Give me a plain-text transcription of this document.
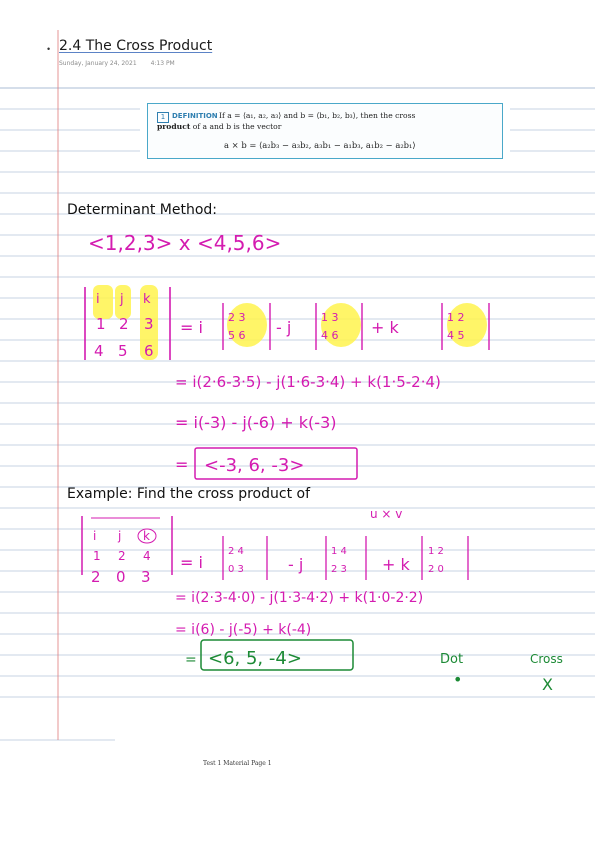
• 2.4 The Cross Product
Sunday, January 24, 2021 4:13 PM
1 DEFINITION If a = ⟨a₁, a₂, a₃⟩ and b = ⟨b₁, b₂, b₃⟩, then the cross
product of a and b is the vector
a × b = ⟨a₂b₃ − a₃b₂, a₃b₁ − a₁b₃, a₁b₂ − a₂b₁⟩
Determinant Method:
Example: Find the cross product of
<1,2,3> x <4,5,6>
i j k
1 2 3
4 5 6
= i
2 3
5 6 - j
1 3
4 6 + k
1 2
4 5
= i(2·6-3·5) - j(1·6-3·4) + k(1·5-2·4)
= i(-3) - j(-6) + k(-3)
= <-3, 6, -3>
u × v
i j k
1 2 4
2 0 3
= i
2 4
0 3	- j
1 4
2 3 + k
1 2
2 0
= i(2·3-4·0) - j(1·3-4·2) + k(1·0-2·2)
= i(6) - j(-5) + k(-4)
= <6, 5, -4>	Dot
•
Cross
X
Test 1 Material Page 1
